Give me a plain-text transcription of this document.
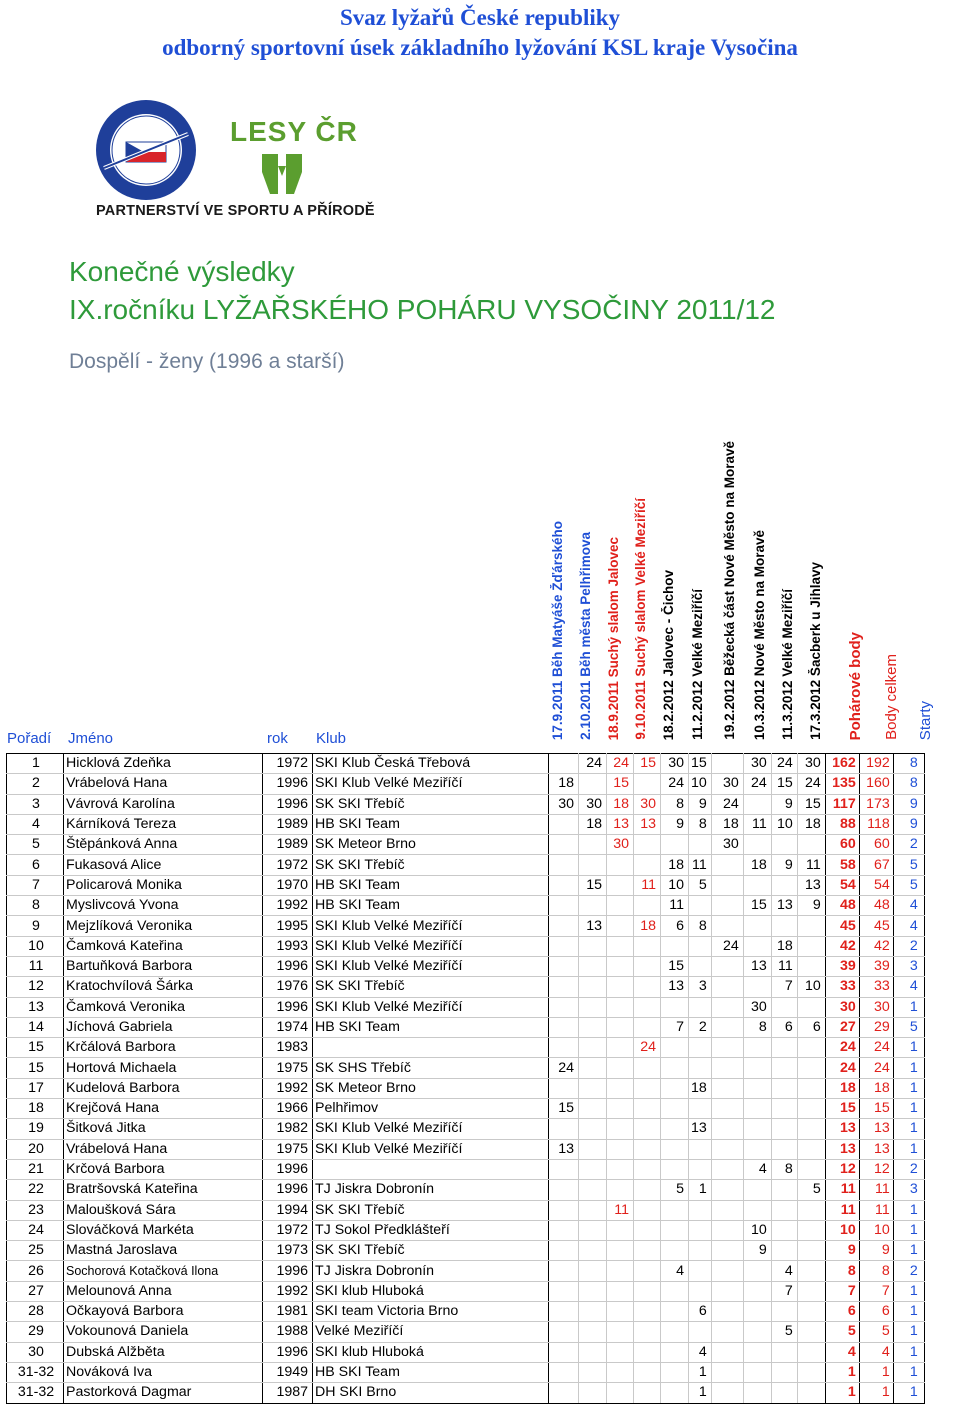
Svaz lyžařů České republiky
odborný sportovní úsek základního lyžování KSL kraje Vysočina
LESY ČR
PARTNERSTVÍ VE SPORTU A PŘÍRODĚ
Konečné výsledky
IX.ročníku LYŽAŘSKÉHO POHÁRU VYSOČINY 2011/12
Dospělí - ženy (1996 a starší)
Pořadí Jméno	rok Klub	17.9.2011 Běh Matyáše Žďárského 2.10.2011 Běh města Pelhřimova 18.9.2011 Suchý slalom Jalovec 9.10.2011 Suchý slalom Velké Meziříčí 18.2.2012 Jalovec - Čichov 11.2.2012 Velké Meziříčí 19.2.2012 Běžecká část Nové Město na Moravě 10.3.2012 Nové Město na Moravě 11.3.2012 Velké Meziříčí 17.3.2012 Šacberk u Jihlavy Pohárové body Body celkem Starty
1	Hicklová Zdeňka	1972	SKI Klub Česká Třebová		24	24	15	30	15		30	24	30	162	192	8
2	Vrábelová Hana	1996	SKI Klub Velké Meziříčí	18		15		24	10	30	24	15	24	135	160	8
3	Vávrová Karolína	1996	SK SKI Třebíč	30	30	18	30	8	9	24		9	15	117	173	9
4	Kárníková Tereza	1989	HB SKI Team		18	13	13	9	8	18	11	10	18	88	118	9
5	Štěpánková Anna	1989	SK Meteor Brno			30				30				60	60	2
6	Fukasová Alice	1972	SK SKI Třebíč					18	11		18	9	11	58	67	5
7	Policarová Monika	1970	HB SKI Team		15		11	10	5				13	54	54	5
8	Myslivcová Yvona	1992	HB SKI Team					11			15	13	9	48	48	4
9	Mejzlíková Veronika	1995	SKI Klub Velké Meziříčí		13		18	6	8					45	45	4
10	Čamková Kateřina	1993	SKI Klub Velké Meziříčí							24		18		42	42	2
11	Bartuňková Barbora	1996	SKI Klub Velké Meziříčí					15			13	11		39	39	3
12	Kratochvílová Šárka	1976	SK SKI Třebíč					13	3			7	10	33	33	4
13	Čamková Veronika	1996	SKI Klub Velké Meziříčí								30			30	30	1
14	Jíchová Gabriela	1974	HB SKI Team					7	2		8	6	6	27	29	5
15	Krčálová Barbora	1983					24							24	24	1
15	Hortová Michaela	1975	SK SHS Třebíč	24										24	24	1
17	Kudelová Barbora	1992	SK Meteor Brno						18					18	18	1
18	Krejčová Hana	1966	Pelhřimov	15										15	15	1
19	Šitková Jitka	1982	SKI Klub Velké Meziříčí						13					13	13	1
20	Vrábelová Hana	1975	SKI Klub Velké Meziříčí	13										13	13	1
21	Krčová Barbora	1996									4	8		12	12	2
22	Bratršovská Kateřina	1996	TJ Jiskra Dobronín					5	1				5	11	11	3
23	Maloušková Sára	1994	SK SKI Třebíč			11								11	11	1
24	Slováčková Markéta	1972	TJ Sokol Předklášteří								10			10	10	1
25	Mastná Jaroslava	1973	SK SKI Třebíč								9			9	9	1
26	Sochorová Kotačková Ilona	1996	TJ Jiskra Dobronín					4				4		8	8	2
27	Melounová Anna	1992	SKI klub Hluboká									7		7	7	1
28	Očkayová Barbora	1981	SKI team Victoria Brno						6					6	6	1
29	Vokounová Daniela	1988	Velké Meziříčí									5		5	5	1
30	Dubská Alžběta	1996	SKI klub Hluboká						4					4	4	1
31-32	Nováková Iva	1949	HB SKI Team						1					1	1	1
31-32	Pastorková Dagmar	1987	DH SKI Brno						1					1	1	1
